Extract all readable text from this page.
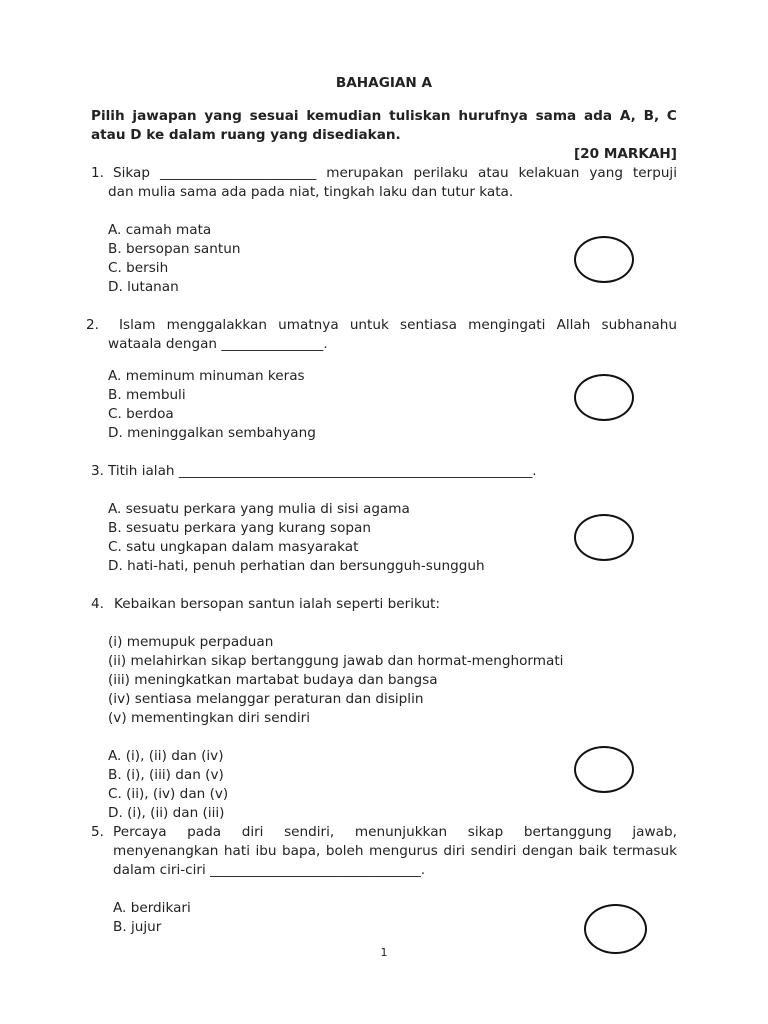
BAHAGIAN A
Pilih jawapan yang sesuai kemudian tuliskan hurufnya sama ada A, B, C
atau D ke dalam ruang yang disediakan.
[20 MARKAH]
1. Sikap _______________________ merupakan perilaku atau kelakuan yang terpuji
dan mulia sama ada pada niat, tingkah laku dan tutur kata.
A. camah mata
B. bersopan santun
C. bersih
D. lutanan
2. Islam menggalakkan umatnya untuk sentiasa mengingati Allah subhanahu
wataala dengan _______________.
A. meminum minuman keras
B. membuli
C. berdoa
D. meninggalkan sembahyang
3. Titih ialah ____________________________________________________.
A. sesuatu perkara yang mulia di sisi agama
B. sesuatu perkara yang kurang sopan
C. satu ungkapan dalam masyarakat
D. hati-hati, penuh perhatian dan bersungguh-sungguh
4. Kebaikan bersopan santun ialah seperti berikut:
(i) memupuk perpaduan
(ii) melahirkan sikap bertanggung jawab dan hormat-menghormati
(iii) meningkatkan martabat budaya dan bangsa
(iv) sentiasa melanggar peraturan dan disiplin
(v) mementingkan diri sendiri
A. (i), (ii) dan (iv)
B. (i), (iii) dan (v)
C. (ii), (iv) dan (v)
D. (i), (ii) dan (iii)
5. Percaya pada diri sendiri, menunjukkan sikap bertanggung jawab,
menyenangkan hati ibu bapa, boleh mengurus diri sendiri dengan baik termasuk
dalam ciri-ciri _______________________________.
A. berdikari
B. jujur
1
